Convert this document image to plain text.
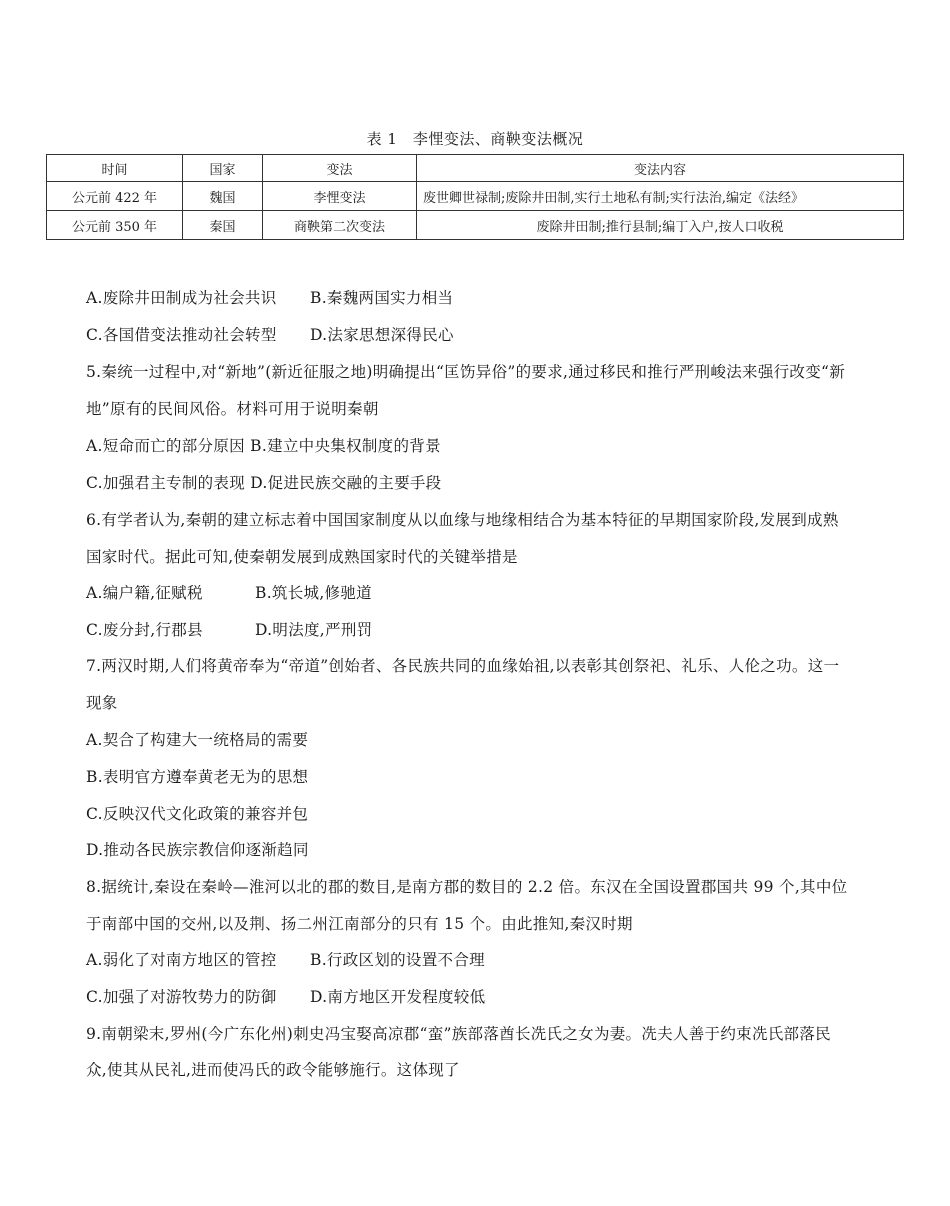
表 1　李悝变法、商鞅变法概况
时间	国家	变法	变法内容
公元前 422 年	魏国	李悝变法	废世卿世禄制;废除井田制,实行土地私有制;实行法治,编定《法经》
公元前 350 年	秦国	商鞅第二次变法	废除井田制;推行县制;编丁入户,按人口收税
A.废除井田制成为社会共识 B.秦魏两国实力相当
C.各国借变法推动社会转型 D.法家思想深得民心
5.秦统一过程中,对“新地”(新近征服之地)明确提出“匡饬异俗”的要求,通过移民和推行严刑峻法来强行改变“新
地”原有的民间风俗。材料可用于说明秦朝
A.短命而亡的部分原因 B.建立中央集权制度的背景
C.加强君主专制的表现 D.促进民族交融的主要手段
6.有学者认为,秦朝的建立标志着中国国家制度从以血缘与地缘相结合为基本特征的早期国家阶段,发展到成熟
国家时代。据此可知,使秦朝发展到成熟国家时代的关键举措是
A.编户籍,征赋税	B.筑长城,修驰道
C.废分封,行郡县	D.明法度,严刑罚
7.两汉时期,人们将黄帝奉为“帝道”创始者、各民族共同的血缘始祖,以表彰其创祭祀、礼乐、人伦之功。这一
现象
A.契合了构建大一统格局的需要
B.表明官方遵奉黄老无为的思想
C.反映汉代文化政策的兼容并包
D.推动各民族宗教信仰逐渐趋同
8.据统计,秦设在秦岭—淮河以北的郡的数目,是南方郡的数目的 2.2 倍。东汉在全国设置郡国共 99 个,其中位
于南部中国的交州,以及荆、扬二州江南部分的只有 15 个。由此推知,秦汉时期
A.弱化了对南方地区的管控 B.行政区划的设置不合理
C.加强了对游牧势力的防御 D.南方地区开发程度较低
9.南朝梁末,罗州(今广东化州)刺史冯宝娶高凉郡“蛮”族部落酋长冼氏之女为妻。冼夫人善于约束冼氏部落民
众,使其从民礼,进而使冯氏的政令能够施行。这体现了
